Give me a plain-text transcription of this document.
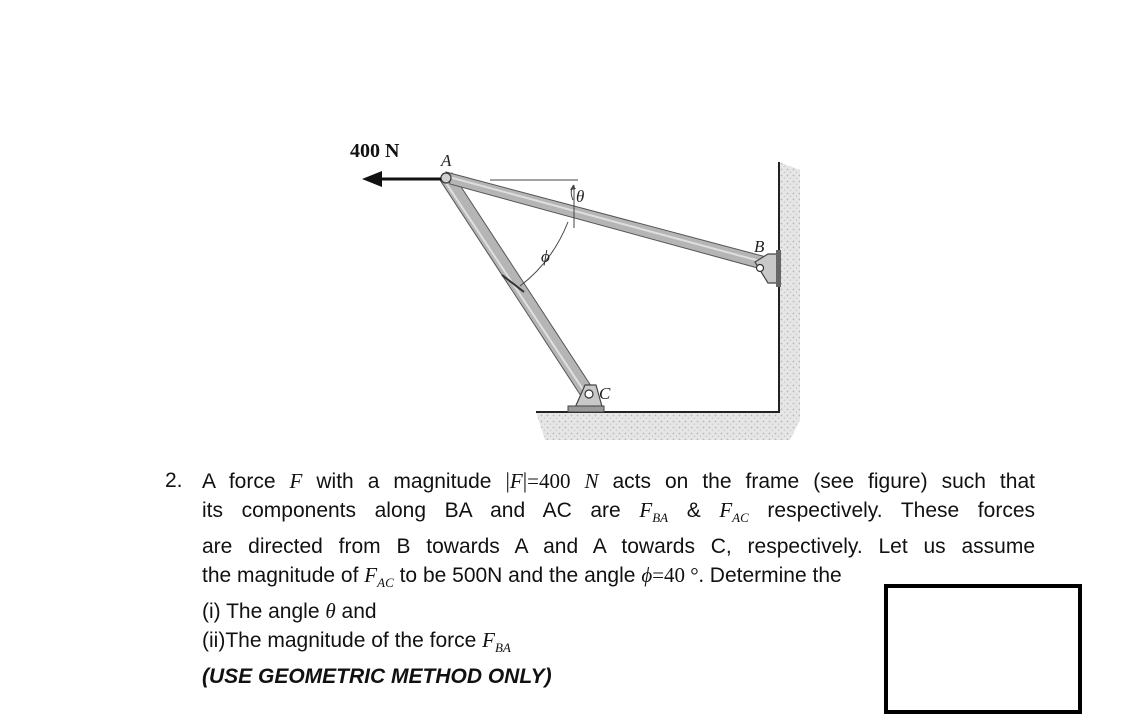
400 N A
B
C
θ
ϕ
2. A force F with a magnitude |F|=400 N acts on the frame (see figure) such that
its components along BA and AC are $F_{BA}$ & $F_{AC}$ respectively. These forces
are directed from B towards A and A towards C, respectively. Let us assume
the magnitude of $F_{AC}$ to be 500N and the angle ϕ=40 °. Determine the
(i) The angle θ and
(ii)The magnitude of the force $F_{BA}$
(USE GEOMETRIC METHOD ONLY)
